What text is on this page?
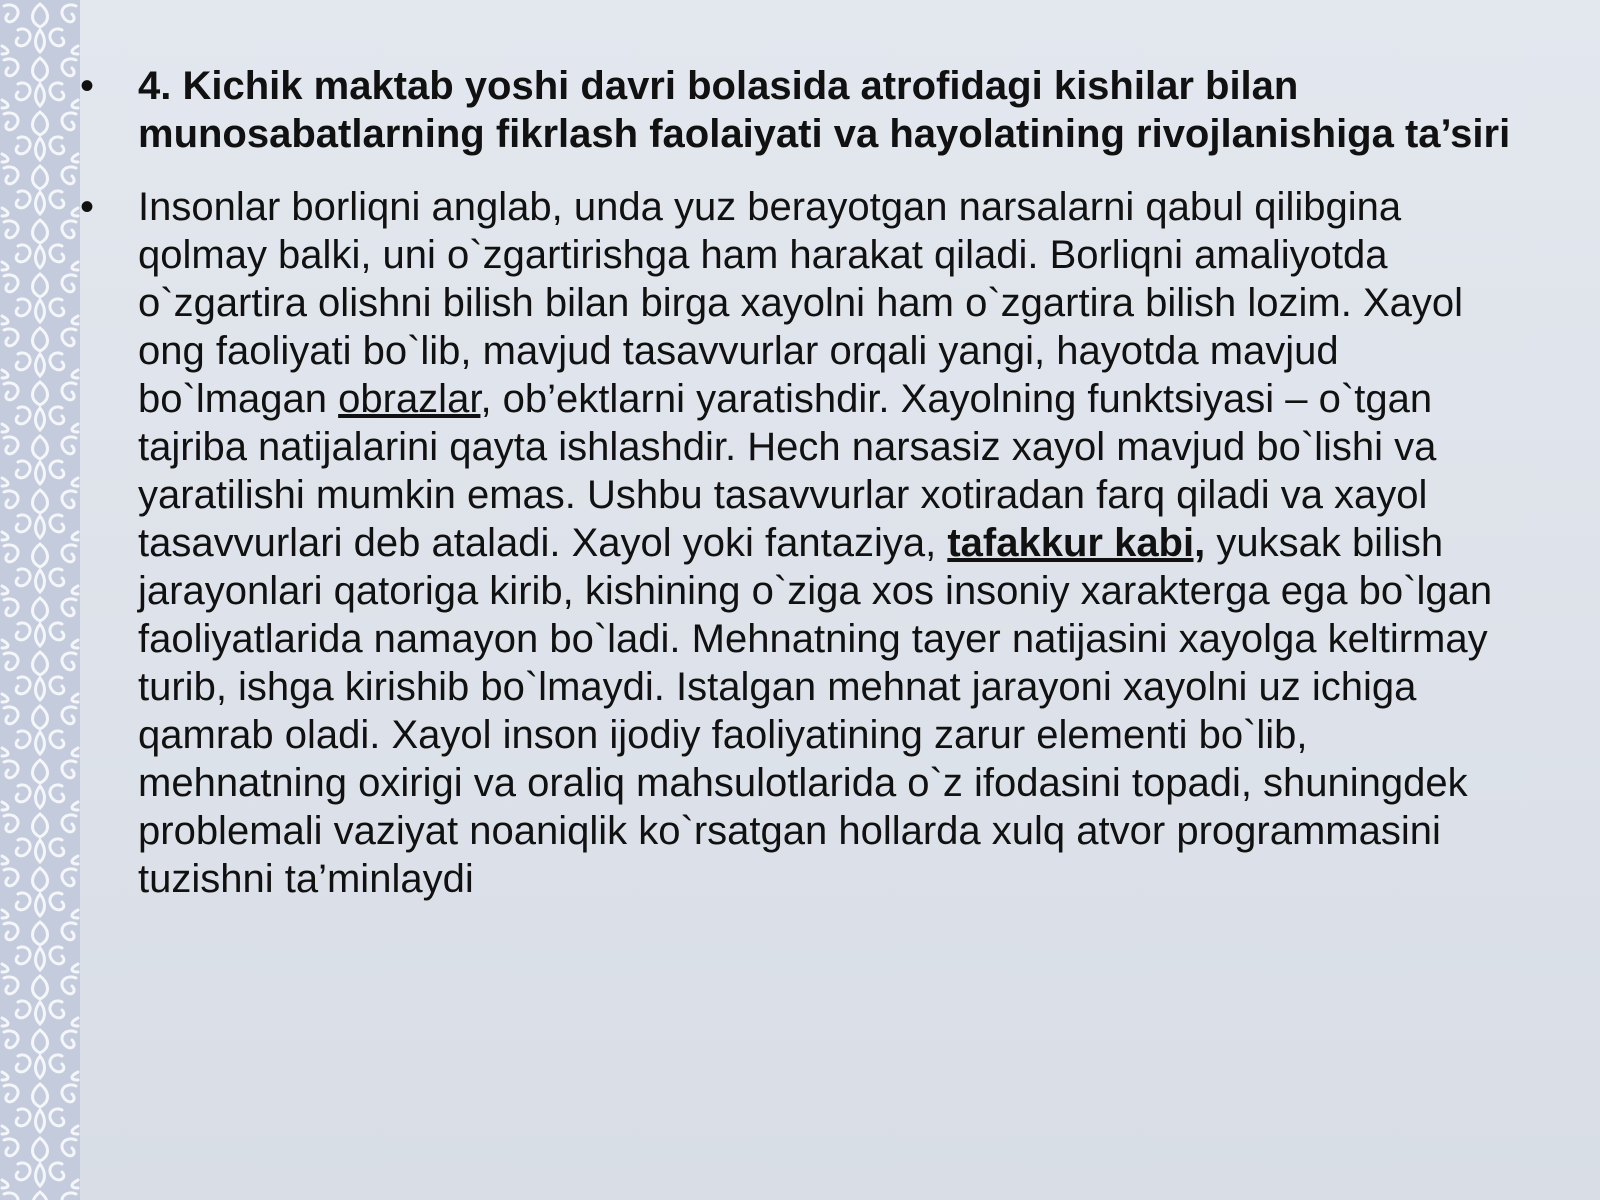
• 4. Kichik maktab yoshi davri bolasida atrofidagi kishilar bilan munosabatlarning fikrlash faolaiyati va hayolatining rivojlanishiga ta’siri

• Insonlar borliqni anglab, unda yuz berayotgan narsalarni qabul qilibgina qolmay balki, uni o`zgartirishga ham harakat qiladi. Borliqni amaliyotda o`zgartira olishni bilish bilan birga xayolni ham o`zgartira bilish lozim. Xayol ong faoliyati bo`lib, mavjud tasavvurlar orqali yangi, hayotda mavjud bo`lmagan obrazlar, ob’ektlarni yaratishdir. Xayolning funktsiyasi – o`tgan tajriba natijalarini qayta ishlashdir. Hech narsasiz xayol mavjud bo`lishi va yaratilishi mumkin emas. Ushbu tasavvurlar xotiradan farq qiladi va xayol tasavvurlari deb ataladi. Xayol yoki fantaziya, tafakkur kabi, yuksak bilish jarayonlari qatoriga kirib, kishining o`ziga xos insoniy xarakterga ega bo`lgan faoliyatlarida namayon bo`ladi. Mehnatning tayer natijasini xayolga keltirmay turib, ishga kirishib bo`lmaydi. Istalgan mehnat jarayoni xayolni uz ichiga qamrab oladi. Xayol inson ijodiy faoliyatining zarur elementi bo`lib, mehnatning oxirigi va oraliq mahsulotlarida o`z ifodasini topadi, shuningdek problemali vaziyat noaniqlik ko`rsatgan hollarda xulq atvor programmasini tuzishni ta’minlaydi
